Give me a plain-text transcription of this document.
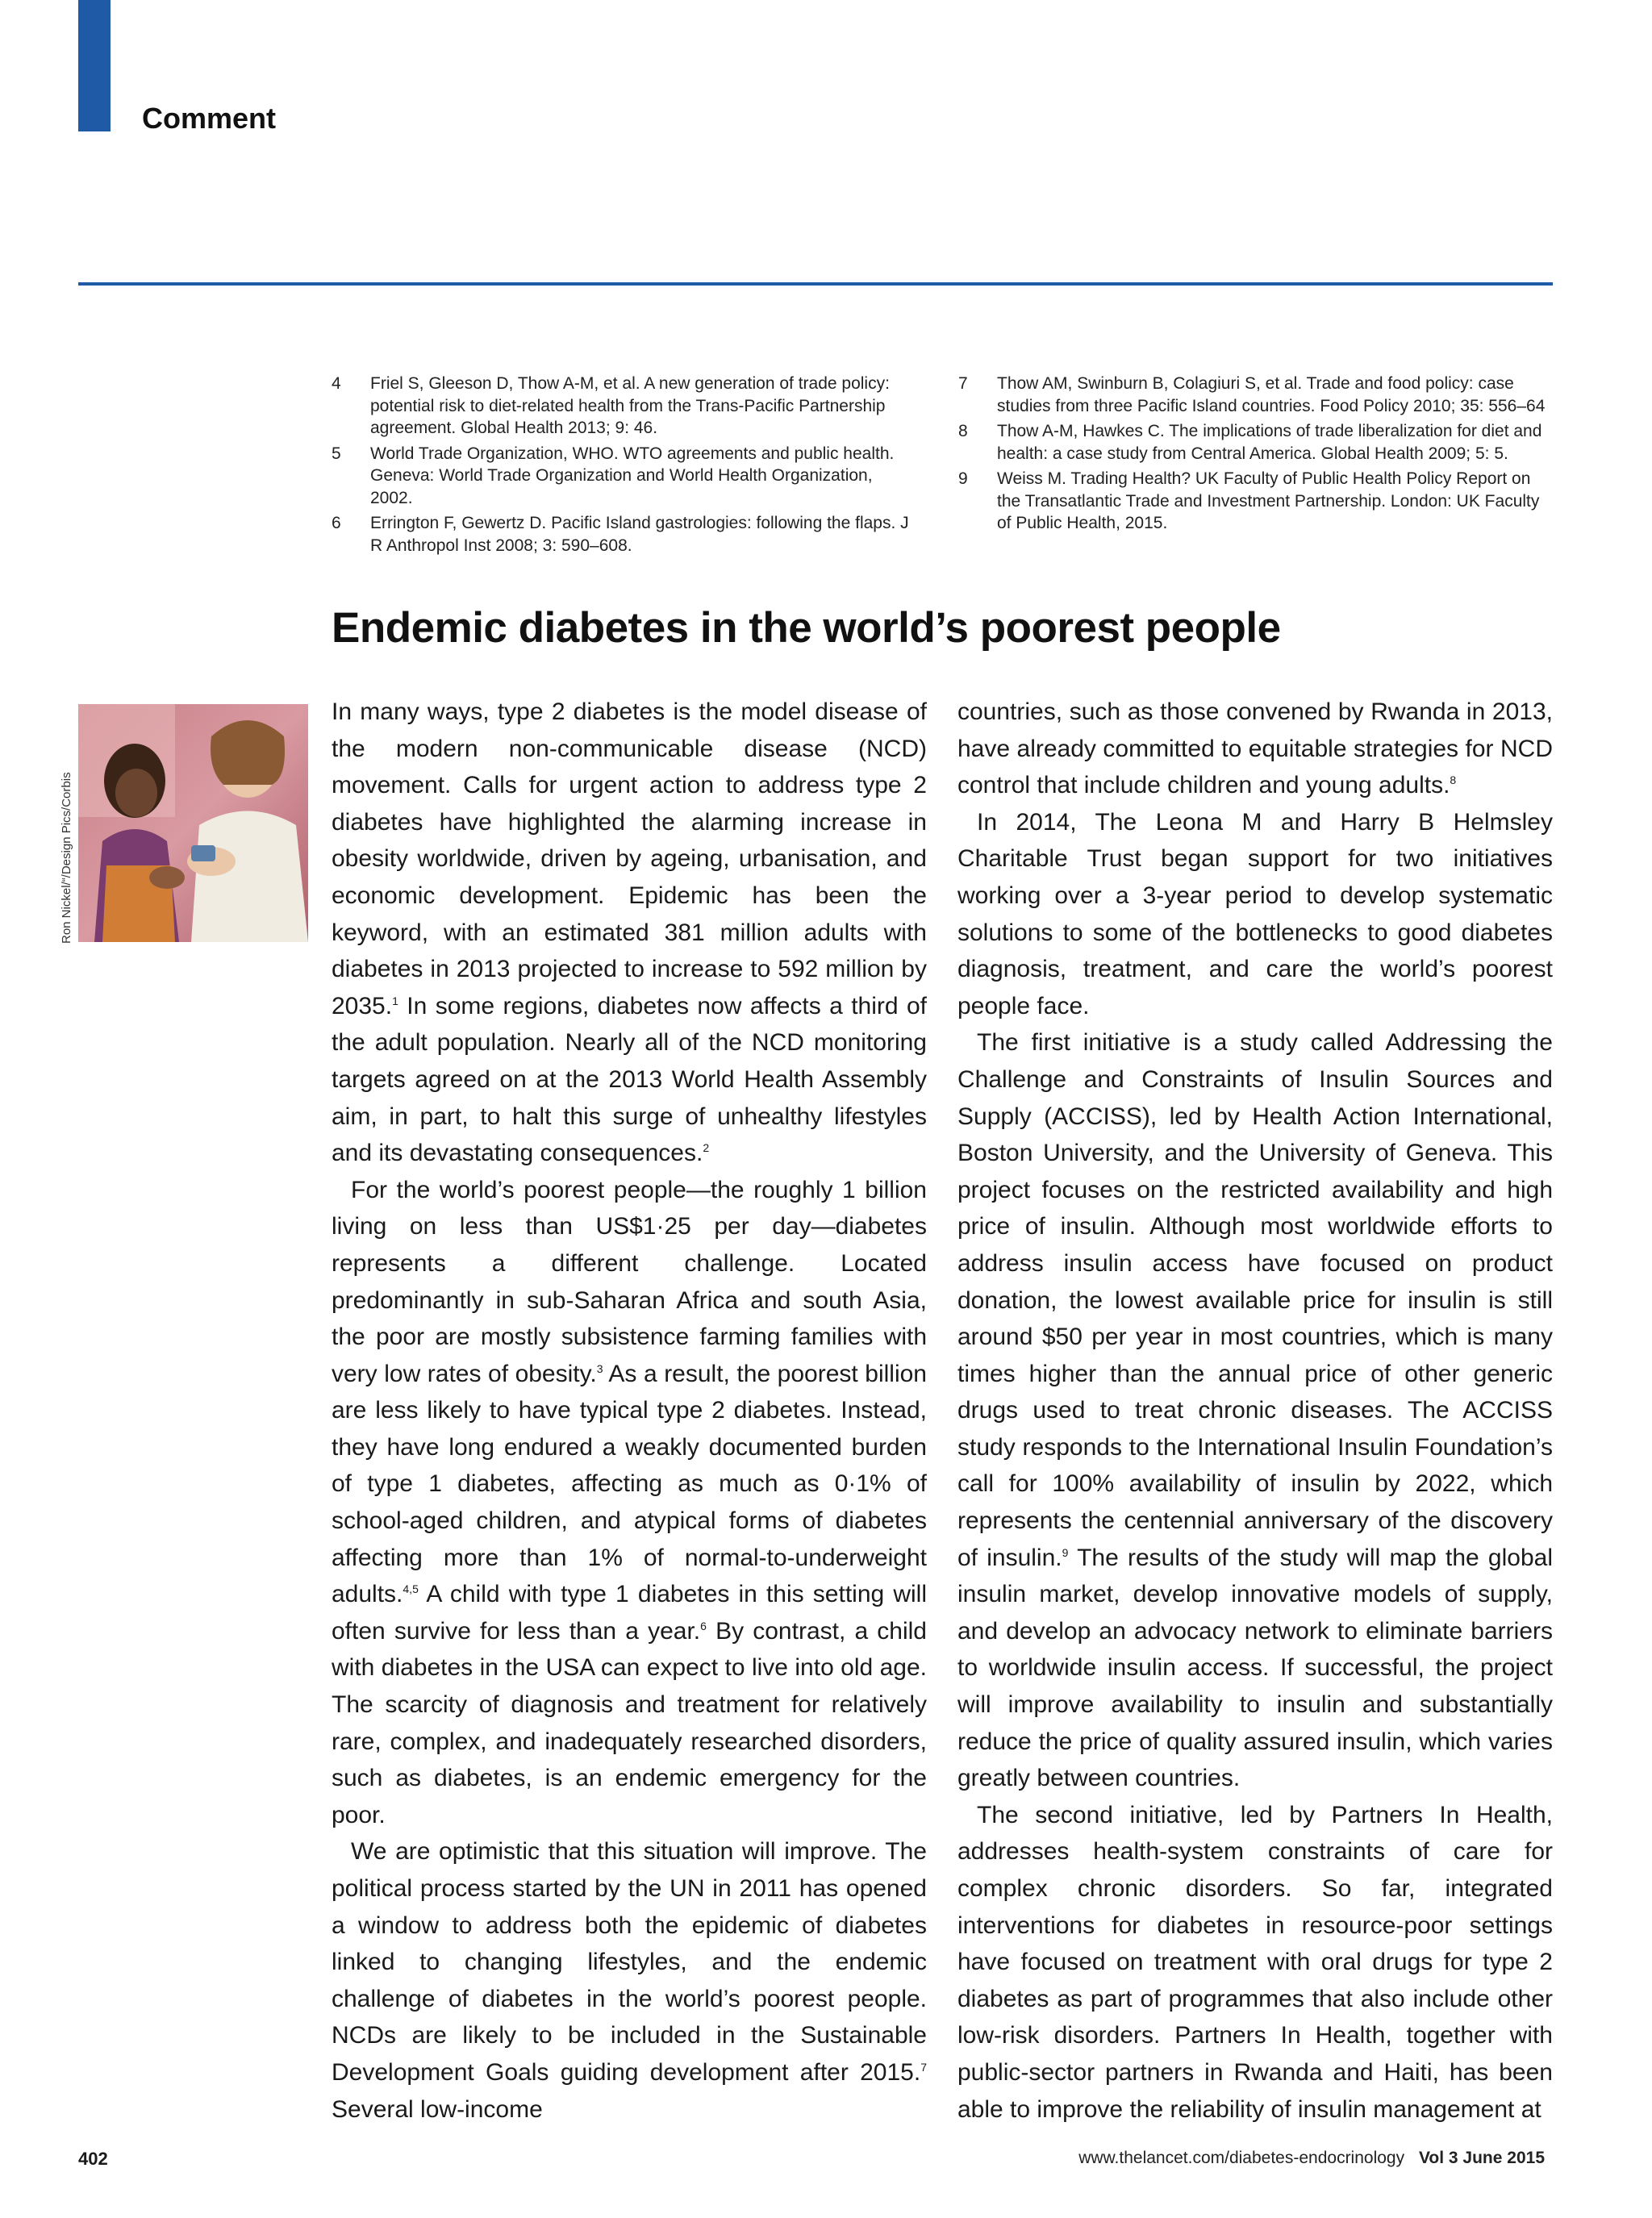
Comment
4 Friel S, Gleeson D, Thow A-M, et al. A new generation of trade policy: potential risk to diet-related health from the Trans-Pacific Partnership agreement. Global Health 2013; 9: 46.
5 World Trade Organization, WHO. WTO agreements and public health. Geneva: World Trade Organization and World Health Organization, 2002.
6 Errington F, Gewertz D. Pacific Island gastrologies: following the flaps. J R Anthropol Inst 2008; 3: 590–608.
7 Thow AM, Swinburn B, Colagiuri S, et al. Trade and food policy: case studies from three Pacific Island countries. Food Policy 2010; 35: 556–64
8 Thow A-M, Hawkes C. The implications of trade liberalization for diet and health: a case study from Central America. Global Health 2009; 5: 5.
9 Weiss M. Trading Health? UK Faculty of Public Health Policy Report on the Transatlantic Trade and Investment Partnership. London: UK Faculty of Public Health, 2015.
Endemic diabetes in the world’s poorest people
Ron Nickel/“/Design Pics/Corbis

In many ways, type 2 diabetes is the model disease of the modern non-communicable disease (NCD) movement. Calls for urgent action to address type 2 diabetes have highlighted the alarming increase in obesity worldwide, driven by ageing, urbanisation, and economic development. Epidemic has been the keyword, with an estimated 381 million adults with diabetes in 2013 projected to increase to 592 million by 2035.$^1$ In some regions, diabetes now affects a third of the adult population. Nearly all of the NCD monitoring targets agreed on at the 2013 World Health Assembly aim, in part, to halt this surge of unhealthy lifestyles and its devastating consequences.$^2$

For the world’s poorest people—the roughly 1 billion living on less than US$1·25 per day—diabetes represents a different challenge. Located predominantly in sub-Saharan Africa and south Asia, the poor are mostly subsistence farming families with very low rates of obesity.$^3$ As a result, the poorest billion are less likely to have typical type 2 diabetes. Instead, they have long endured a weakly documented burden of type 1 diabetes, affecting as much as 0·1% of school-aged children, and atypical forms of diabetes affecting more than 1% of normal-to-underweight adults.$^{4,5}$ A child with type 1 diabetes in this setting will often survive for less than a year.$^6$ By contrast, a child with diabetes in the USA can expect to live into old age. The scarcity of diagnosis and treatment for relatively rare, complex, and inadequately researched disorders, such as diabetes, is an endemic emergency for the poor.

We are optimistic that this situation will improve. The political process started by the UN in 2011 has opened a window to address both the epidemic of diabetes linked to changing lifestyles, and the endemic challenge of diabetes in the world’s poorest people. NCDs are likely to be included in the Sustainable Development Goals guiding development after 2015.$^7$ Several low-income

countries, such as those convened by Rwanda in 2013, have already committed to equitable strategies for NCD control that include children and young adults.$^8$

In 2014, The Leona M and Harry B Helmsley Charitable Trust began support for two initiatives working over a 3-year period to develop systematic solutions to some of the bottlenecks to good diabetes diagnosis, treatment, and care the world’s poorest people face.

The first initiative is a study called Addressing the Challenge and Constraints of Insulin Sources and Supply (ACCISS), led by Health Action International, Boston University, and the University of Geneva. This project focuses on the restricted availability and high price of insulin. Although most worldwide efforts to address insulin access have focused on product donation, the lowest available price for insulin is still around $50 per year in most countries, which is many times higher than the annual price of other generic drugs used to treat chronic diseases. The ACCISS study responds to the International Insulin Foundation’s call for 100% availability of insulin by 2022, which represents the centennial anniversary of the discovery of insulin.$^9$ The results of the study will map the global insulin market, develop innovative models of supply, and develop an advocacy network to eliminate barriers to worldwide insulin access. If successful, the project will improve availability to insulin and substantially reduce the price of quality assured insulin, which varies greatly between countries.

The second initiative, led by Partners In Health, addresses health-system constraints of care for complex chronic disorders. So far, integrated interventions for diabetes in resource-poor settings have focused on treatment with oral drugs for type 2 diabetes as part of programmes that also include other low-risk disorders. Partners In Health, together with public-sector partners in Rwanda and Haiti, has been able to improve the reliability of insulin management at

402	www.thelancet.com/diabetes-endocrinology Vol 3 June 2015
